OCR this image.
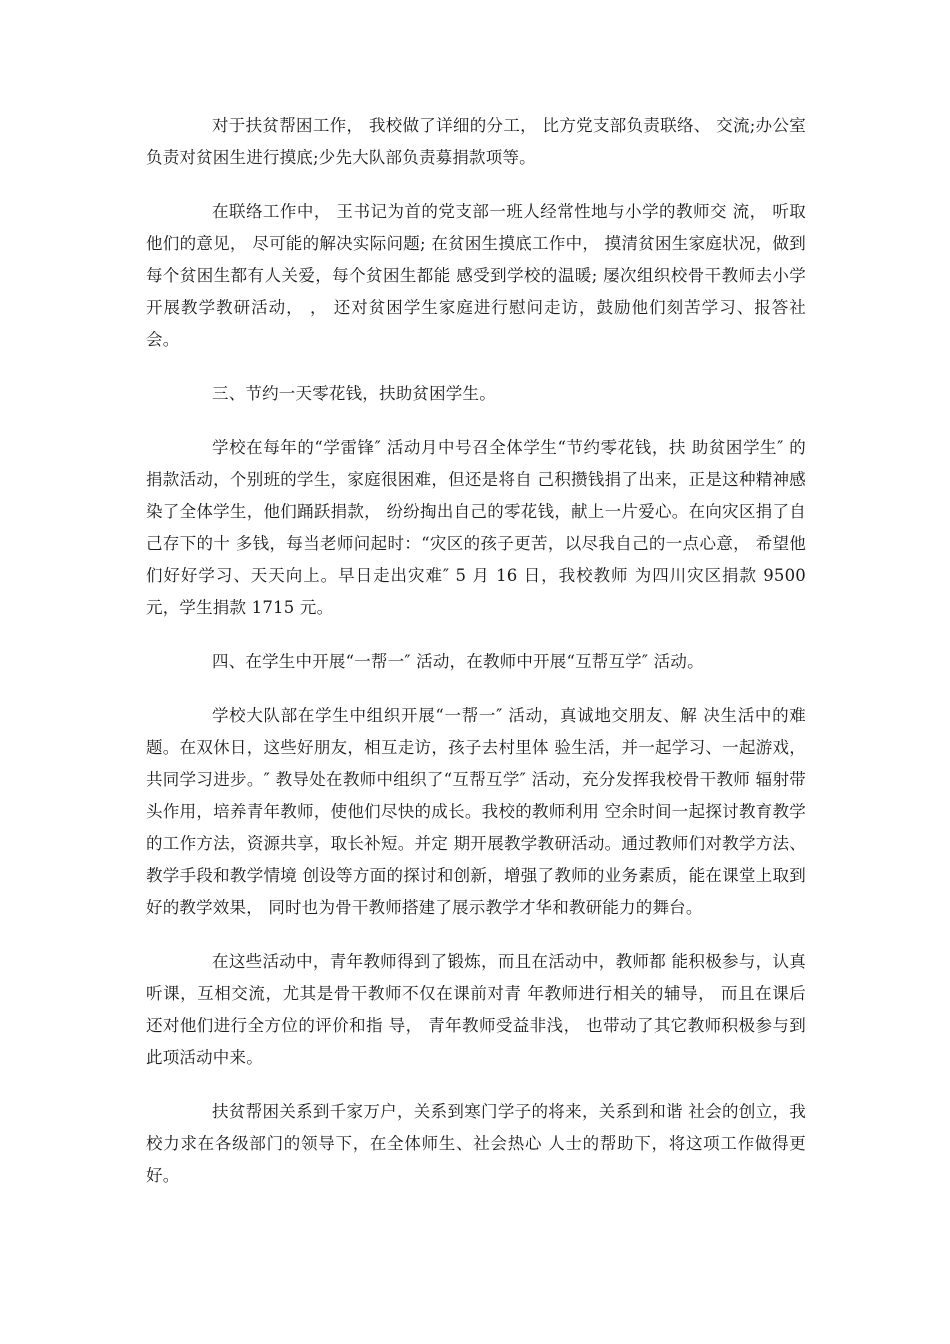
对于扶贫帮困工作， 我校做了详细的分工， 比方党支部负责联络、 交流;办公室负责对贫困生进行摸底;少先大队部负责募捐款项等。

在联络工作中， 王书记为首的党支部一班人经常性地与小学的教师交 流， 听取他们的意见， 尽可能的解决实际问题; 在贫困生摸底工作中， 摸清贫困生家庭状况，做到每个贫困生都有人关爱，每个贫困生都能 感受到学校的温暖; 屡次组织校骨干教师去小学开展教学教研活动， ， 还对贫困学生家庭进行慰问走访，鼓励他们刻苦学习、报答社会。

三、节约一天零花钱，扶助贫困学生。

学校在每年的“学雷锋″ 活动月中号召全体学生“节约零花钱，扶 助贫困学生″ 的捐款活动，个别班的学生，家庭很困难，但还是将自 己积攒钱捐了出来，正是这种精神感染了全体学生，他们踊跃捐款， 纷纷掏出自己的零花钱，献上一片爱心。在向灾区捐了自己存下的十 多钱，每当老师问起时：“灾区的孩子更苦，以尽我自己的一点心意， 希望他们好好学习、天天向上。早日走出灾难″ 5 月 16 日，我校教师 为四川灾区捐款 9500 元，学生捐款 1715 元。

四、在学生中开展“一帮一″ 活动，在教师中开展“互帮互学″ 活动。

学校大队部在学生中组织开展“一帮一″ 活动，真诚地交朋友、解 决生活中的难题。在双休日，这些好朋友，相互走访，孩子去村里体 验生活，并一起学习、一起游戏，共同学习进步。″ 教导处在教师中组织了“互帮互学″ 活动，充分发挥我校骨干教师 辐射带头作用，培养青年教师，使他们尽快的成长。我校的教师利用 空余时间一起探讨教育教学的工作方法，资源共享，取长补短。并定 期开展教学教研活动。通过教师们对教学方法、教学手段和教学情境 创设等方面的探讨和创新，增强了教师的业务素质，能在课堂上取到 好的教学效果， 同时也为骨干教师搭建了展示教学才华和教研能力的舞台。

在这些活动中，青年教师得到了锻炼，而且在活动中，教师都 能积极参与，认真听课，互相交流，尤其是骨干教师不仅在课前对青 年教师进行相关的辅导， 而且在课后还对他们进行全方位的评价和指 导， 青年教师受益非浅， 也带动了其它教师积极参与到此项活动中来。

扶贫帮困关系到千家万户，关系到寒门学子的将来，关系到和谐 社会的创立，我校力求在各级部门的领导下，在全体师生、社会热心 人士的帮助下，将这项工作做得更好。
